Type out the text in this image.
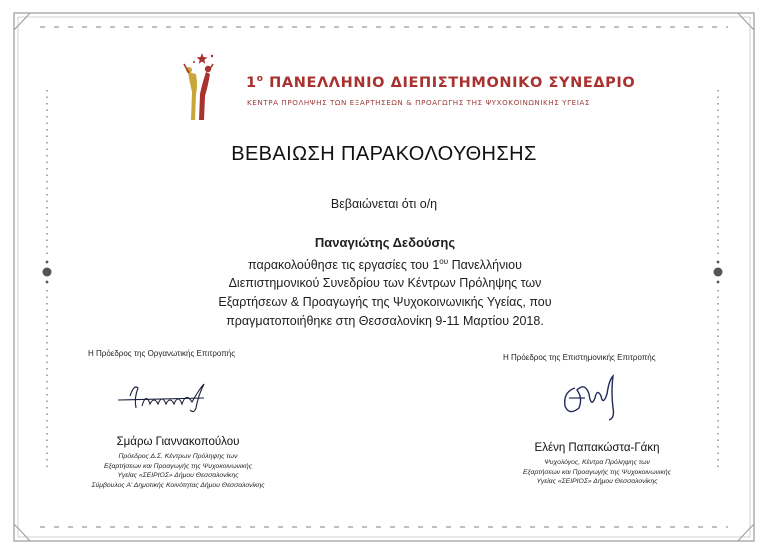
$1^o$ ΠΑΝΕΛΛΗΝΙΟ ΔΙΕΠΙΣΤΗΜΟΝΙΚΟ ΣΥΝΕΔΡΙΟ
ΚΕΝΤΡΑ ΠΡΟΛΗΨΗΣ ΤΩΝ ΕΞΑΡΤΗΣΕΩΝ & ΠΡΟΑΓΩΓΗΣ ΤΗΣ ΨΥΧΟΚΟΙΝΩΝΙΚΗΣ ΥΓΕΙΑΣ
ΒΕΒΑΙΩΣΗ ΠΑΡΑΚΟΛΟΥΘΗΣΗΣ
Βεβαιώνεται ότι ο/η
Παναγιώτης Δεδούσης
παρακολούθησε τις εργασίες του $1^{o\upsilon}$ Πανελλήνιου
Διεπιστημονικού Συνεδρίου των Κέντρων Πρόληψης των
Εξαρτήσεων & Προαγωγής της Ψυχοκοινωνικής Υγείας, που
πραγματοποιήθηκε στη Θεσσαλονίκη 9-11 Μαρτίου 2018.
Η Πρόεδρος της Οργανωτικής Επιτροπής
Σμάρω Γιαννακοπούλου
Πρόεδρος Δ.Σ. Κέντρων Πρόληψης των
Εξαρτήσεων και Προαγωγής της Ψυχοκοινωνικής
Υγείας «ΣΕΙΡΙΟΣ» Δήμου Θεσσαλονίκης
Σύμβουλος Α' Δημοτικής Κοινότητας Δήμου Θεσσαλονίκης
Η Πρόεδρος της Επιστημονικής Επιτροπής
Ελένη Παπακώστα-Γάκη
Ψυχολόγος, Κέντρα Πρόληψης των
Εξαρτήσεων και Προαγωγής της Ψυχοκοινωνικής
Υγείας «ΣΕΙΡΙΟΣ» Δήμου Θεσσαλονίκης
